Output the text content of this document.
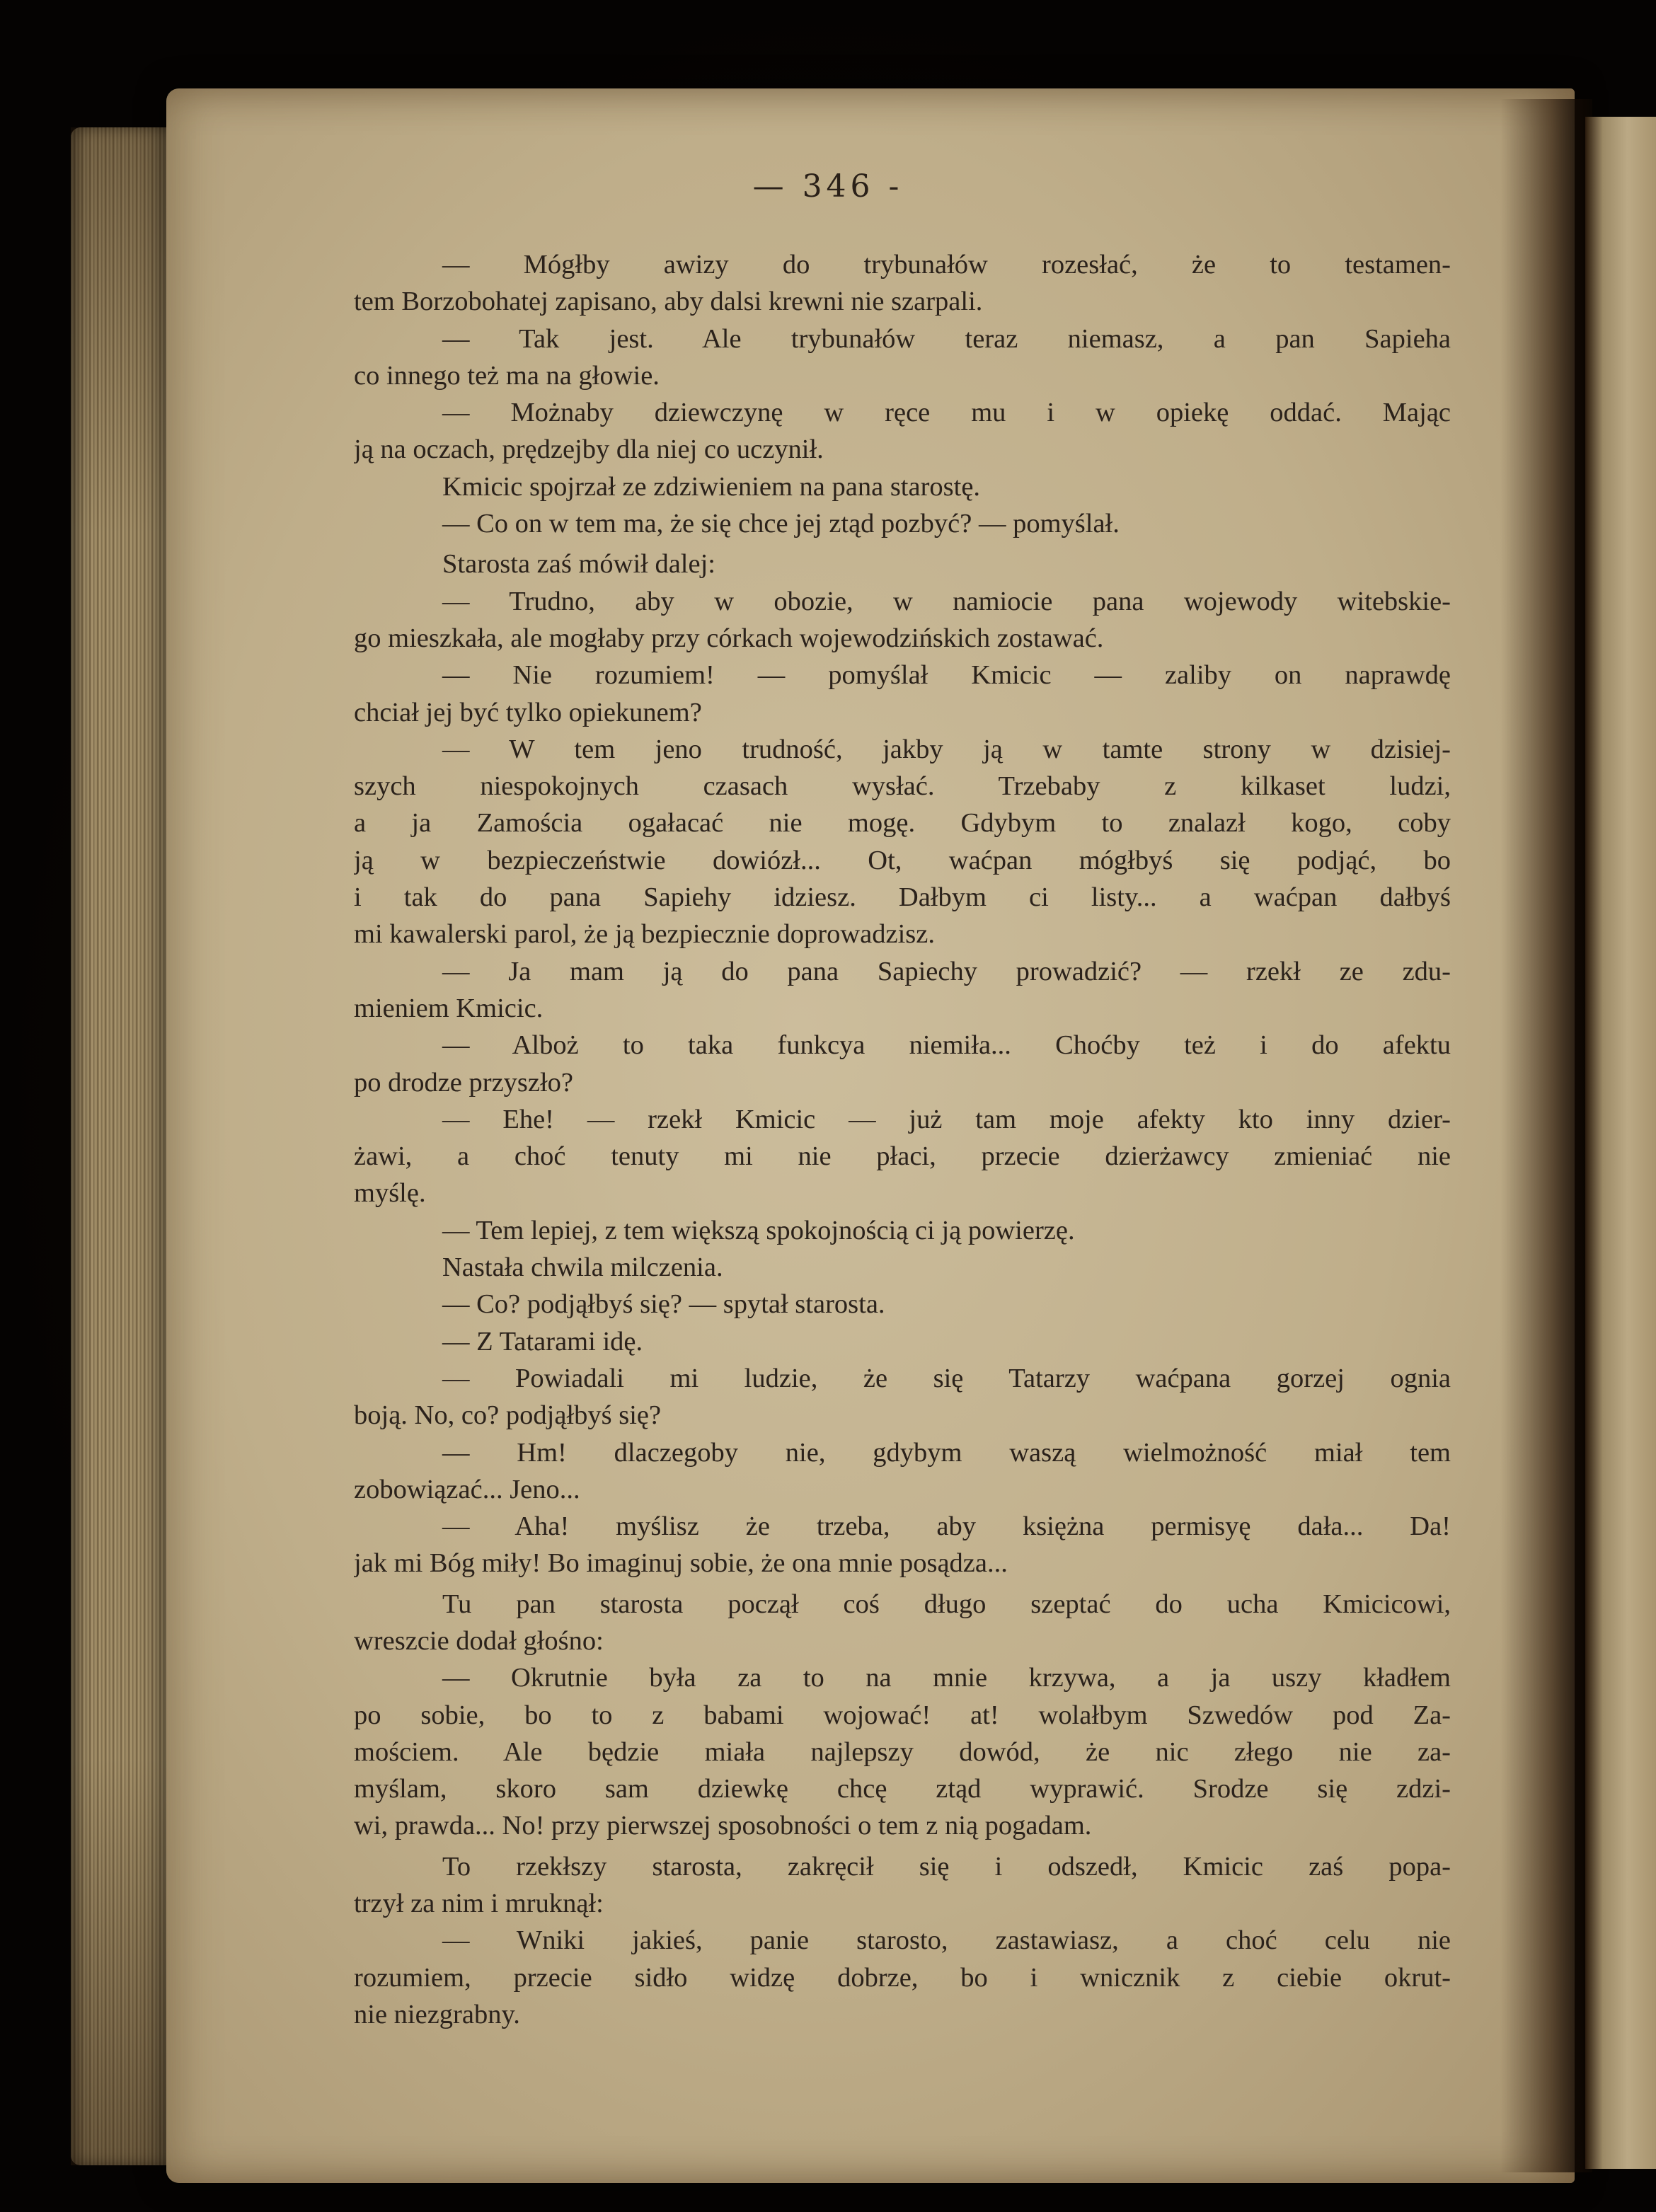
— 346 -
— Mógłby awizy do trybunałów rozesłać, że to testamen-
tem Borzobohatej zapisano, aby dalsi krewni nie szarpali.
— Tak jest. Ale trybunałów teraz niemasz, a pan Sapieha
co innego też ma na głowie.
— Możnaby dziewczynę w ręce mu i w opiekę oddać. Mając
ją na oczach, prędzejby dla niej co uczynił.
Kmicic spojrzał ze zdziwieniem na pana starostę.
— Co on w tem ma, że się chce jej ztąd pozbyć? — pomyślał.
Starosta zaś mówił dalej:
— Trudno, aby w obozie, w namiocie pana wojewody witebskie-
go mieszkała, ale mogłaby przy córkach wojewodzińskich zostawać.
— Nie rozumiem! — pomyślał Kmicic — zaliby on naprawdę
chciał jej być tylko opiekunem?
— W tem jeno trudność, jakby ją w tamte strony w dzisiej-
szych niespokojnych czasach wysłać. Trzebaby z kilkaset ludzi,
a ja Zamościa ogałacać nie mogę. Gdybym to znalazł kogo, coby
ją w bezpieczeństwie dowiózł... Ot, waćpan mógłbyś się podjąć, bo
i tak do pana Sapiehy idziesz. Dałbym ci listy... a waćpan dałbyś
mi kawalerski parol, że ją bezpiecznie doprowadzisz.
— Ja mam ją do pana Sapiechy prowadzić? — rzekł ze zdu-
mieniem Kmicic.
— Alboż to taka funkcya niemiła... Choćby też i do afektu
po drodze przyszło?
— Ehe! — rzekł Kmicic — już tam moje afekty kto inny dzier-
żawi, a choć tenuty mi nie płaci, przecie dzierżawcy zmieniać nie
myślę.
— Tem lepiej, z tem większą spokojnością ci ją powierzę.
Nastała chwila milczenia.
— Co? podjąłbyś się? — spytał starosta.
— Z Tatarami idę.
— Powiadali mi ludzie, że się Tatarzy waćpana gorzej ognia
boją. No, co? podjąłbyś się?
— Hm! dlaczegoby nie, gdybym waszą wielmożność miał tem
zobowiązać... Jeno...
— Aha! myślisz że trzeba, aby księżna permisyę dała... Da!
jak mi Bóg miły! Bo imaginuj sobie, że ona mnie posądza...
Tu pan starosta począł coś długo szeptać do ucha Kmicicowi,
wreszcie dodał głośno:
— Okrutnie była za to na mnie krzywa, a ja uszy kładłem
po sobie, bo to z babami wojować! at! wolałbym Szwedów pod Za-
mościem. Ale będzie miała najlepszy dowód, że nic złego nie za-
myślam, skoro sam dziewkę chcę ztąd wyprawić. Srodze się zdzi-
wi, prawda... No! przy pierwszej sposobności o tem z nią pogadam.
To rzekłszy starosta, zakręcił się i odszedł, Kmicic zaś popa-
trzył za nim i mruknął:
— Wniki jakieś, panie starosto, zastawiasz, a choć celu nie
rozumiem, przecie sidło widzę dobrze, bo i wnicznik z ciebie okrut-
nie niezgrabny.
